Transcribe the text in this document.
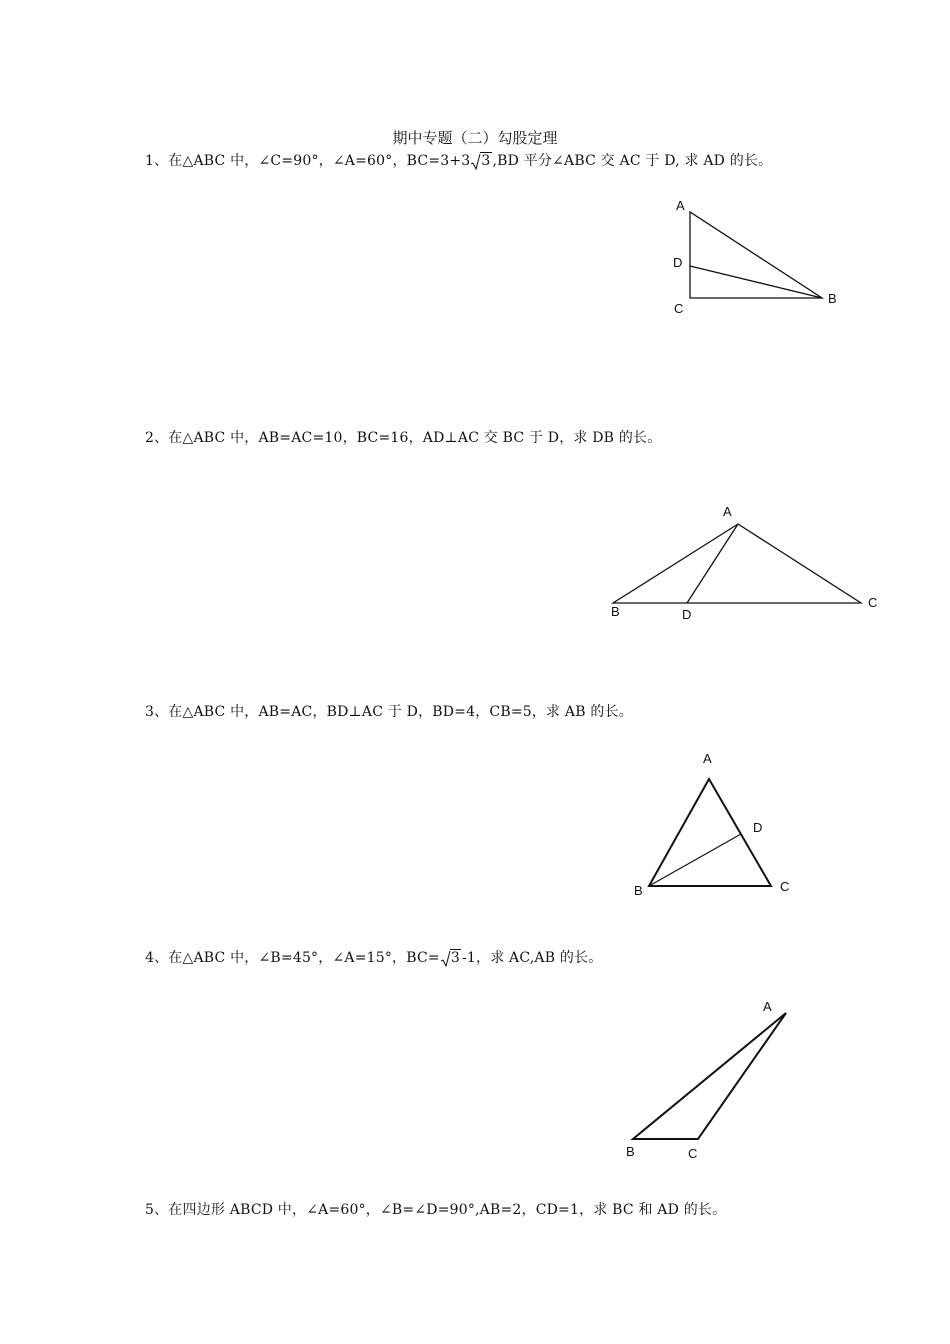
期中专题（二）勾股定理
1、在△ABC 中，∠C=90°，∠A=60°，BC=3+3 3 ,BD 平分∠ABC 交 AC 于 D, 求 AD 的长。
2、在△ABC 中，AB=AC=10，BC=16，AD⊥AC 交 BC 于 D，求 DB 的长。
3、在△ABC 中，AB=AC，BD⊥AC 于 D，BD=4，CB=5，求 AB 的长。
4、在△ABC 中，∠B=45°，∠A=15°，BC= 3 -1，求 AC,AB 的长。
5、在四边形 ABCD 中，∠A=60°，∠B=∠D=90°,AB=2，CD=1，求 BC 和 AD 的长。
A
D
C
B
A
B	D
C
A
D
B	C
A
B	C
